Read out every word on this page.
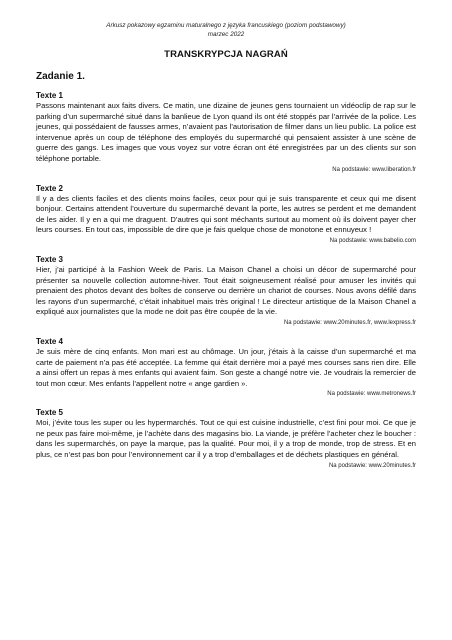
Arkusz pokazowy egzaminu maturalnego z języka francuskiego (poziom podstawowy)
marzec 2022
TRANSKRYPCJA NAGRAŃ
Zadanie 1.
Texte 1

Passons maintenant aux faits divers. Ce matin, une dizaine de jeunes gens tournaient un vidéoclip de rap sur le parking d’un supermarché situé dans la banlieue de Lyon quand ils ont été stoppés par l’arrivée de la police. Les jeunes, qui possédaient de fausses armes, n’avaient pas l’autorisation de filmer dans un lieu public. La police est intervenue après un coup de téléphone des employés du supermarché qui pensaient assister à une scène de guerre des gangs. Les images que vous voyez sur votre écran ont été enregistrées par un des clients sur son téléphone portable.

Na podstawie: www.liberation.fr
Texte 2

Il y a des clients faciles et des clients moins faciles, ceux pour qui je suis transparente et ceux qui me disent bonjour. Certains attendent l’ouverture du supermarché devant la porte, les autres se perdent et me demandent de les aider. Il y en a qui me draguent. D’autres qui sont méchants surtout au moment où ils doivent payer cher leurs courses. En tout cas, impossible de dire que je fais quelque chose de monotone et ennuyeux !

Na podstawie: www.babelio.com
Texte 3

Hier, j’ai participé à la Fashion Week de Paris. La Maison Chanel a choisi un décor de supermarché pour présenter sa nouvelle collection automne-hiver. Tout était soigneusement réalisé pour amuser les invités qui prenaient des photos devant des boîtes de conserve ou derrière un chariot de courses. Nous avons défilé dans les rayons d’un supermarché, c’était inhabituel mais très original ! Le directeur artistique de la Maison Chanel a expliqué aux journalistes que la mode ne doit pas être coupée de la vie.

Na podstawie: www.20minutes.fr, www.lexpress.fr
Texte 4

Je suis mère de cinq enfants. Mon mari est au chômage. Un jour, j’étais à la caisse d’un supermarché et ma carte de paiement n’a pas été acceptée. La femme qui était derrière moi a payé mes courses sans rien dire. Elle a ainsi offert un repas à mes enfants qui avaient faim. Son geste a changé notre vie. Je voudrais la remercier de tout mon cœur. Mes enfants l’appellent notre « ange gardien ».

Na podstawie: www.metronews.fr
Texte 5

Moi, j’évite tous les super ou les hypermarchés. Tout ce qui est cuisine industrielle, c’est fini pour moi. Ce que je ne peux pas faire moi-même, je l’achète dans des magasins bio. La viande, je préfère l’acheter chez le boucher : dans les supermarchés, on paye la marque, pas la qualité. Pour moi, il y a trop de monde, trop de stress. Et en plus, ce n’est pas bon pour l’environnement car il y a trop d’emballages et de déchets plastiques en général.

Na podstawie: www.20minutes.fr
